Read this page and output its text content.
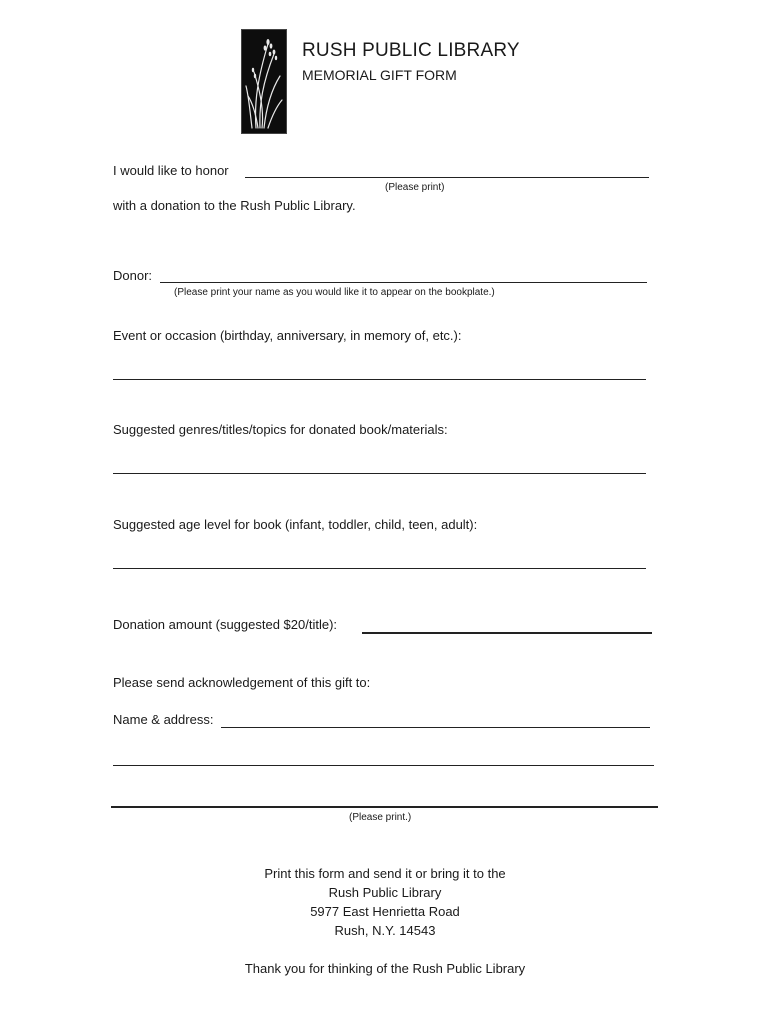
RUSH PUBLIC LIBRARY
MEMORIAL GIFT FORM
I would like to honor
(Please print)
with a donation to the Rush Public Library.
Donor:
(Please print your name as you would like it to appear on the bookplate.)
Event or occasion (birthday, anniversary, in memory of, etc.):
Suggested genres/titles/topics for donated book/materials:
Suggested age level for book (infant, toddler, child, teen, adult):
Donation amount (suggested $20/title):
Please send acknowledgement of this gift to:
Name & address:
(Please print.)
Print this form and send it or bring it to the
Rush Public Library
5977 East Henrietta Road
Rush, N.Y. 14543
Thank you for thinking of the Rush Public Library
